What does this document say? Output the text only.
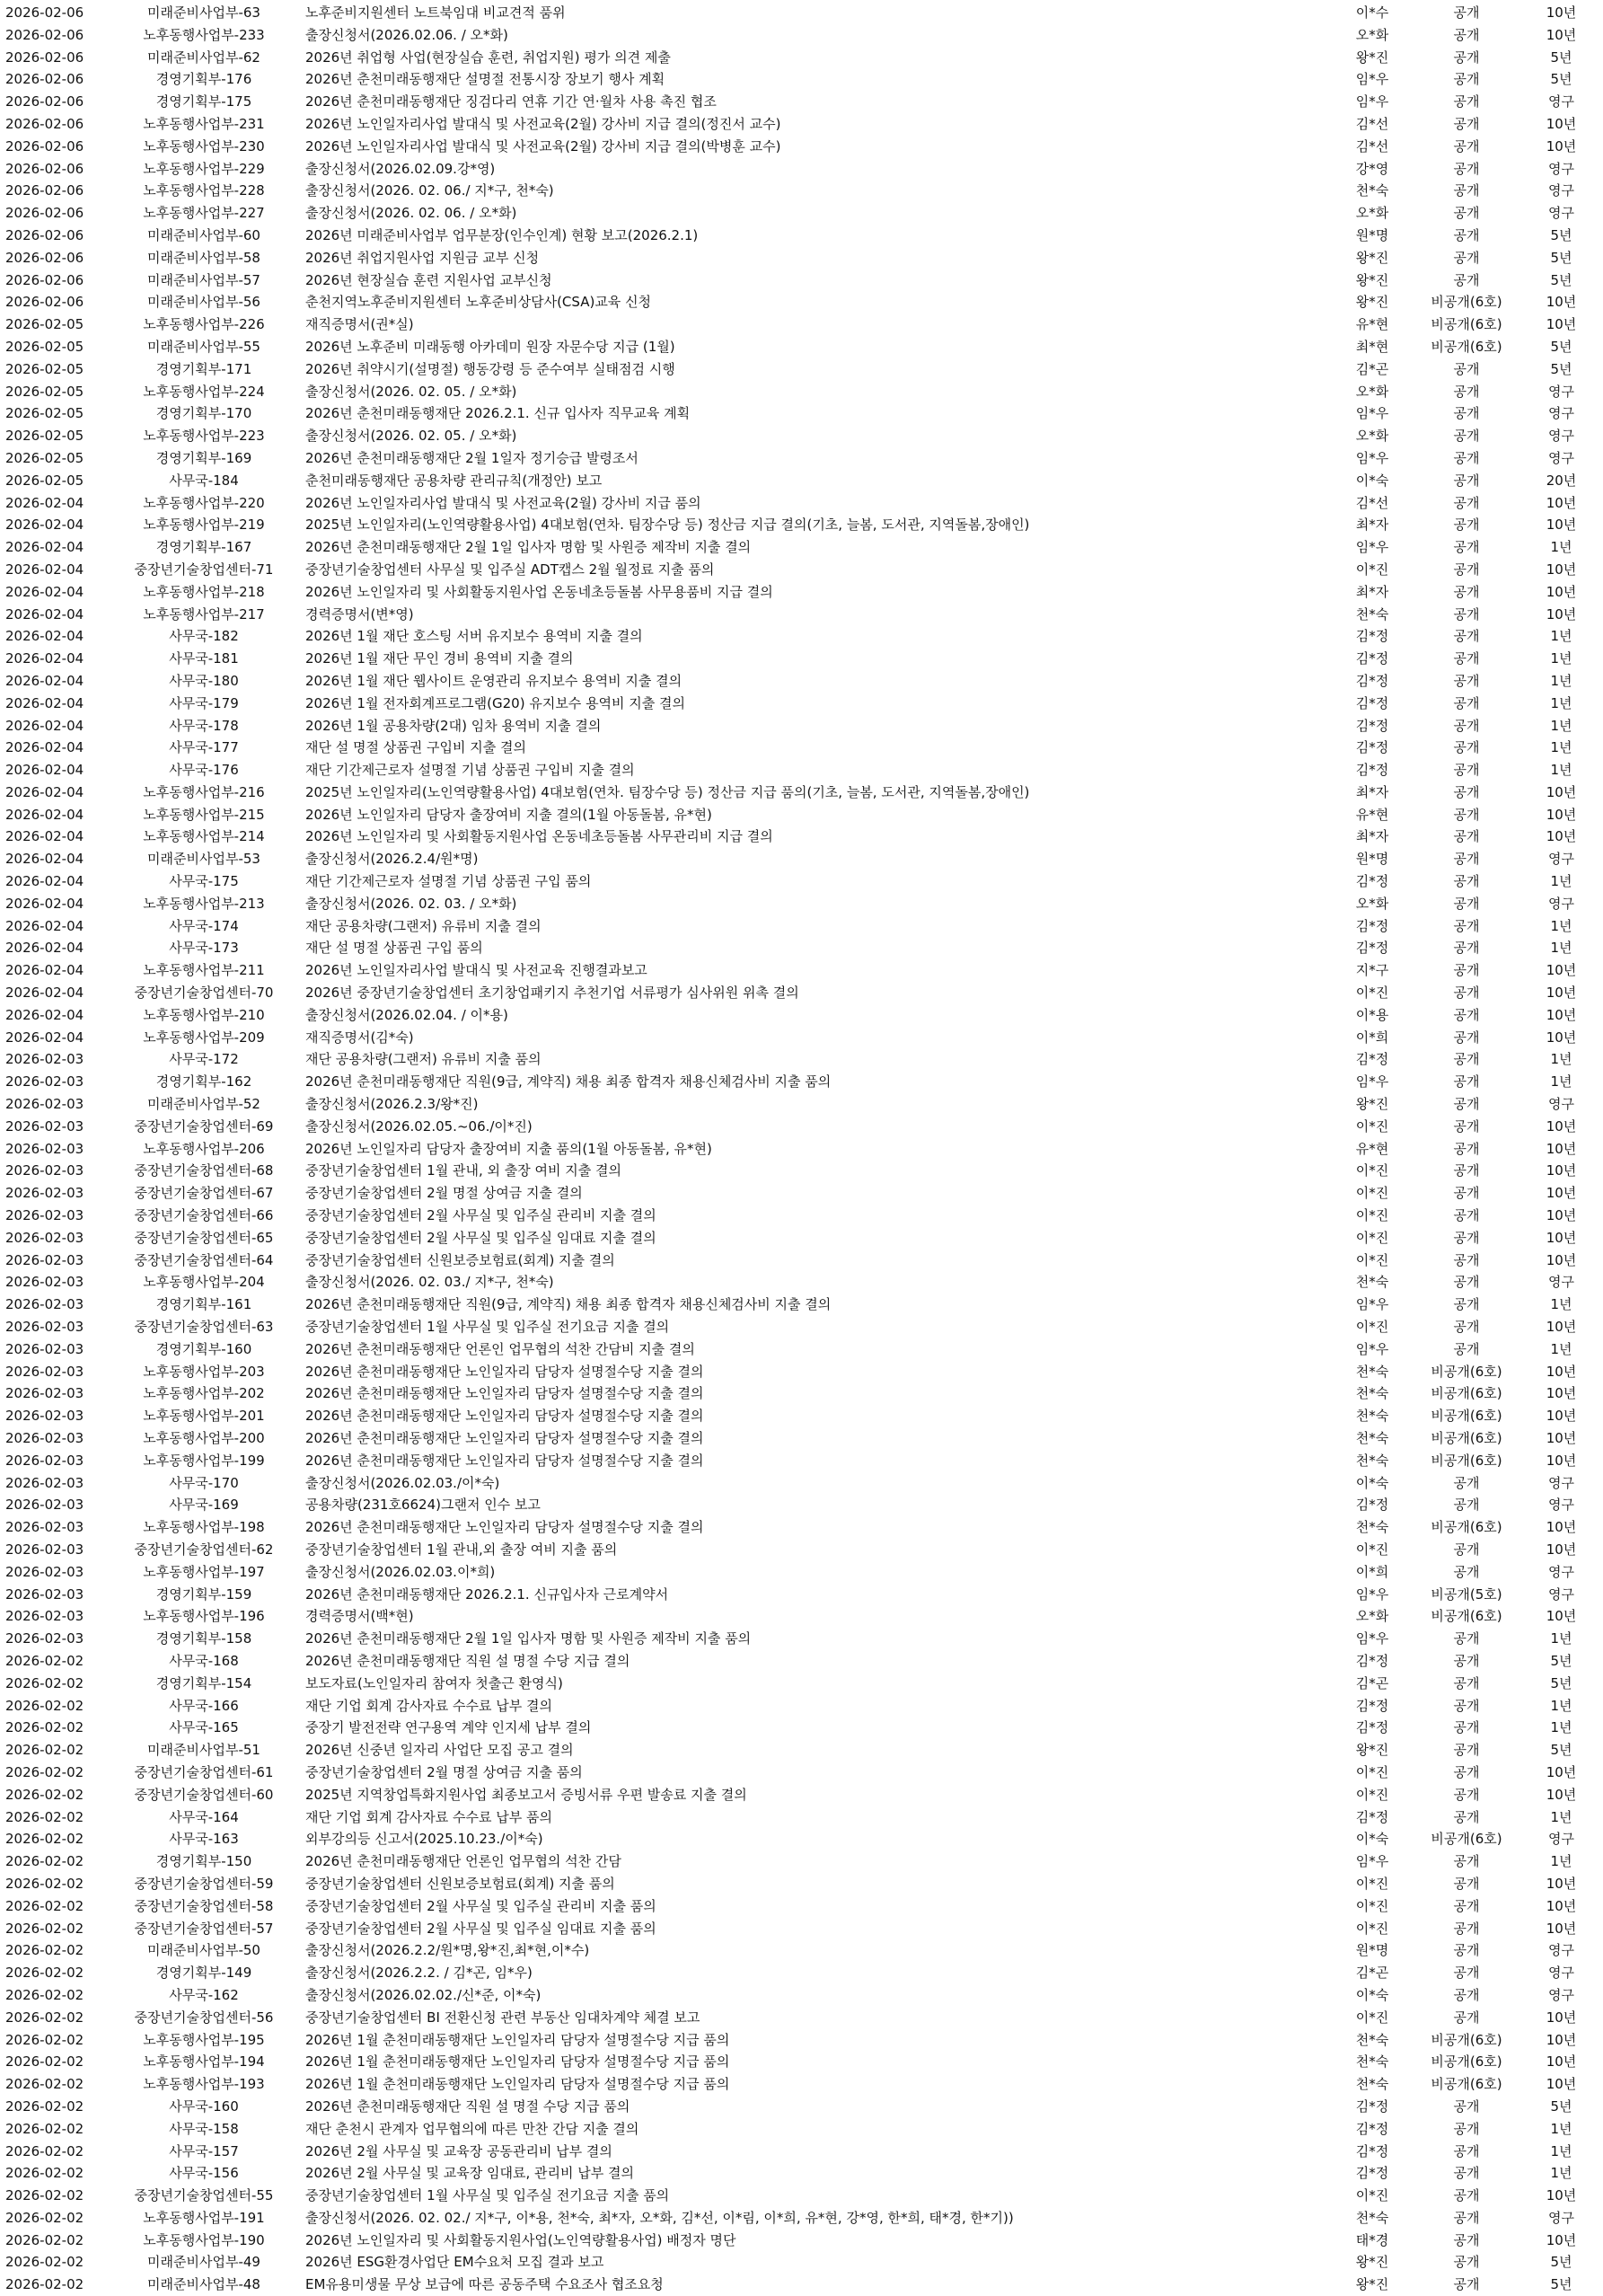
2026-02-06	미래준비사업부-63	노후준비지원센터 노트북임대 비교견적 품위	이*수	공개	10년
2026-02-06	노후동행사업부-233	출장신청서(2026.02.06. / 오*화)	오*화	공개	10년
2026-02-06	미래준비사업부-62	2026년 취업형 사업(현장실습 훈련, 취업지원) 평가 의견 제출	왕*진	공개	5년
2026-02-06	경영기획부-176	2026년 춘천미래동행재단 설명절 전통시장 장보기 행사 계획	임*우	공개	5년
2026-02-06	경영기획부-175	2026년 춘천미래동행재단 징검다리 연휴 기간 연·월차 사용 촉진 협조	임*우	공개	영구
2026-02-06	노후동행사업부-231	2026년 노인일자리사업 발대식 및 사전교육(2월) 강사비 지급 결의(정진서 교수)	김*선	공개	10년
2026-02-06	노후동행사업부-230	2026년 노인일자리사업 발대식 및 사전교육(2월) 강사비 지급 결의(박병훈 교수)	김*선	공개	10년
2026-02-06	노후동행사업부-229	출장신청서(2026.02.09.강*영)	강*영	공개	영구
2026-02-06	노후동행사업부-228	출장신청서(2026. 02. 06./ 지*구, 천*숙)	천*숙	공개	영구
2026-02-06	노후동행사업부-227	출장신청서(2026. 02. 06. / 오*화)	오*화	공개	영구
2026-02-06	미래준비사업부-60	2026년 미래준비사업부 업무분장(인수인계) 현황 보고(2026.2.1)	원*명	공개	5년
2026-02-06	미래준비사업부-58	2026년 취업지원사업 지원금 교부 신청	왕*진	공개	5년
2026-02-06	미래준비사업부-57	2026년 현장실습 훈련 지원사업 교부신청	왕*진	공개	5년
2026-02-06	미래준비사업부-56	춘천지역노후준비지원센터 노후준비상담사(CSA)교육 신청	왕*진	비공개(6호)	10년
2026-02-05	노후동행사업부-226	재직증명서(권*실)	유*현	비공개(6호)	10년
2026-02-05	미래준비사업부-55	2026년 노후준비 미래동행 아카데미 원장 자문수당 지급 (1월)	최*현	비공개(6호)	5년
2026-02-05	경영기획부-171	2026년 취약시기(설명절) 행동강령 등 준수여부 실태점검 시행	김*곤	공개	5년
2026-02-05	노후동행사업부-224	출장신청서(2026. 02. 05. / 오*화)	오*화	공개	영구
2026-02-05	경영기획부-170	2026년 춘천미래동행재단 2026.2.1. 신규 입사자 직무교육 계획	임*우	공개	영구
2026-02-05	노후동행사업부-223	출장신청서(2026. 02. 05. / 오*화)	오*화	공개	영구
2026-02-05	경영기획부-169	2026년 춘천미래동행재단 2월 1일자 정기승급 발령조서	임*우	공개	영구
2026-02-05	사무국-184	춘천미래동행재단 공용차량 관리규칙(개정안) 보고	이*숙	공개	20년
2026-02-04	노후동행사업부-220	2026년 노인일자리사업 발대식 및 사전교육(2월) 강사비 지급 품의	김*선	공개	10년
2026-02-04	노후동행사업부-219	2025년 노인일자리(노인역량활용사업) 4대보험(연차. 팀장수당 등) 정산금 지급 결의(기초, 늘봄, 도서관, 지역돌봄,장애인)	최*자	공개	10년
2026-02-04	경영기획부-167	2026년 춘천미래동행재단 2월 1일 입사자 명함 및 사원증 제작비 지출 결의	임*우	공개	1년
2026-02-04	중장년기술창업센터-71	중장년기술창업센터 사무실 및 입주실 ADT캡스 2월 월정료 지출 품의	이*진	공개	10년
2026-02-04	노후동행사업부-218	2026년 노인일자리 및 사회활동지원사업 온동네초등돌봄 사무용품비 지급 결의	최*자	공개	10년
2026-02-04	노후동행사업부-217	경력증명서(변*영)	천*숙	공개	10년
2026-02-04	사무국-182	2026년 1월 재단 호스팅 서버 유지보수 용역비 지출 결의	김*정	공개	1년
2026-02-04	사무국-181	2026년 1월 재단 무인 경비 용역비 지출 결의	김*정	공개	1년
2026-02-04	사무국-180	2026년 1월 재단 웹사이트 운영관리 유지보수 용역비 지출 결의	김*정	공개	1년
2026-02-04	사무국-179	2026년 1월 전자회계프로그램(G20) 유지보수 용역비 지출 결의	김*정	공개	1년
2026-02-04	사무국-178	2026년 1월 공용차량(2대) 임차 용역비 지출 결의	김*정	공개	1년
2026-02-04	사무국-177	재단 설 명절 상품권 구입비 지출 결의	김*정	공개	1년
2026-02-04	사무국-176	재단 기간제근로자 설명절 기념 상품권 구입비 지출 결의	김*정	공개	1년
2026-02-04	노후동행사업부-216	2025년 노인일자리(노인역량활용사업) 4대보험(연차. 팀장수당 등) 정산금 지급 품의(기초, 늘봄, 도서관, 지역돌봄,장애인)	최*자	공개	10년
2026-02-04	노후동행사업부-215	2026년 노인일자리 담당자 출장여비 지출 결의(1월 아동돌봄, 유*현)	유*현	공개	10년
2026-02-04	노후동행사업부-214	2026년 노인일자리 및 사회활동지원사업 온동네초등돌봄 사무관리비 지급 결의	최*자	공개	10년
2026-02-04	미래준비사업부-53	출장신청서(2026.2.4/원*명)	원*명	공개	영구
2026-02-04	사무국-175	재단 기간제근로자 설명절 기념 상품권 구입 품의	김*정	공개	1년
2026-02-04	노후동행사업부-213	출장신청서(2026. 02. 03. / 오*화)	오*화	공개	영구
2026-02-04	사무국-174	재단 공용차량(그랜저) 유류비 지출 결의	김*정	공개	1년
2026-02-04	사무국-173	재단 설 명절 상품권 구입 품의	김*정	공개	1년
2026-02-04	노후동행사업부-211	2026년 노인일자리사업 발대식 및 사전교육 진행결과보고	지*구	공개	10년
2026-02-04	중장년기술창업센터-70	2026년 중장년기술창업센터 초기창업패키지 추천기업 서류평가 심사위원 위촉 결의	이*진	공개	10년
2026-02-04	노후동행사업부-210	출장신청서(2026.02.04. / 이*용)	이*용	공개	10년
2026-02-04	노후동행사업부-209	재직증명서(김*숙)	이*희	공개	10년
2026-02-03	사무국-172	재단 공용차량(그랜저) 유류비 지출 품의	김*정	공개	1년
2026-02-03	경영기획부-162	2026년 춘천미래동행재단 직원(9급, 계약직) 채용 최종 합격자 채용신체검사비 지출 품의	임*우	공개	1년
2026-02-03	미래준비사업부-52	출장신청서(2026.2.3/왕*진)	왕*진	공개	영구
2026-02-03	중장년기술창업센터-69	출장신청서(2026.02.05.~06./이*진)	이*진	공개	10년
2026-02-03	노후동행사업부-206	2026년 노인일자리 담당자 출장여비 지출 품의(1월 아동돌봄, 유*현)	유*현	공개	10년
2026-02-03	중장년기술창업센터-68	중장년기술창업센터 1월 관내, 외 출장 여비 지출 결의	이*진	공개	10년
2026-02-03	중장년기술창업센터-67	중장년기술창업센터 2월 명절 상여금 지출 결의	이*진	공개	10년
2026-02-03	중장년기술창업센터-66	중장년기술창업센터 2월 사무실 및 입주실 관리비 지출 결의	이*진	공개	10년
2026-02-03	중장년기술창업센터-65	중장년기술창업센터 2월 사무실 및 입주실 임대료 지출 결의	이*진	공개	10년
2026-02-03	중장년기술창업센터-64	중장년기술창업센터 신원보증보험료(회계) 지출 결의	이*진	공개	10년
2026-02-03	노후동행사업부-204	출장신청서(2026. 02. 03./ 지*구, 천*숙)	천*숙	공개	영구
2026-02-03	경영기획부-161	2026년 춘천미래동행재단 직원(9급, 계약직) 채용 최종 합격자 채용신체검사비 지출 결의	임*우	공개	1년
2026-02-03	중장년기술창업센터-63	중장년기술창업센터 1월 사무실 및 입주실 전기요금 지출 결의	이*진	공개	10년
2026-02-03	경영기획부-160	2026년 춘천미래동행재단 언론인 업무협의 석찬 간담비 지출 결의	임*우	공개	1년
2026-02-03	노후동행사업부-203	2026년 춘천미래동행재단 노인일자리 담당자 설명절수당 지출 결의	천*숙	비공개(6호)	10년
2026-02-03	노후동행사업부-202	2026년 춘천미래동행재단 노인일자리 담당자 설명절수당 지출 결의	천*숙	비공개(6호)	10년
2026-02-03	노후동행사업부-201	2026년 춘천미래동행재단 노인일자리 담당자 설명절수당 지출 결의	천*숙	비공개(6호)	10년
2026-02-03	노후동행사업부-200	2026년 춘천미래동행재단 노인일자리 담당자 설명절수당 지출 결의	천*숙	비공개(6호)	10년
2026-02-03	노후동행사업부-199	2026년 춘천미래동행재단 노인일자리 담당자 설명절수당 지출 결의	천*숙	비공개(6호)	10년
2026-02-03	사무국-170	출장신청서(2026.02.03./이*숙)	이*숙	공개	영구
2026-02-03	사무국-169	공용차량(231호6624)그랜저 인수 보고	김*정	공개	영구
2026-02-03	노후동행사업부-198	2026년 춘천미래동행재단 노인일자리 담당자 설명절수당 지출 결의	천*숙	비공개(6호)	10년
2026-02-03	중장년기술창업센터-62	중장년기술창업센터 1월 관내,외 출장 여비 지출 품의	이*진	공개	10년
2026-02-03	노후동행사업부-197	출장신청서(2026.02.03.이*희)	이*희	공개	영구
2026-02-03	경영기획부-159	2026년 춘천미래동행재단 2026.2.1. 신규입사자 근로계약서	임*우	비공개(5호)	영구
2026-02-03	노후동행사업부-196	경력증명서(백*현)	오*화	비공개(6호)	10년
2026-02-03	경영기획부-158	2026년 춘천미래동행재단 2월 1일 입사자 명함 및 사원증 제작비 지출 품의	임*우	공개	1년
2026-02-02	사무국-168	2026년 춘천미래동행재단 직원 설 명절 수당 지급 결의	김*정	공개	5년
2026-02-02	경영기획부-154	보도자료(노인일자리 참여자 첫출근 환영식)	김*곤	공개	5년
2026-02-02	사무국-166	재단 기업 회계 감사자료 수수료 납부 결의	김*정	공개	1년
2026-02-02	사무국-165	중장기 발전전략 연구용역 계약 인지세 납부 결의	김*정	공개	1년
2026-02-02	미래준비사업부-51	2026년 신중년 일자리 사업단 모집 공고 결의	왕*진	공개	5년
2026-02-02	중장년기술창업센터-61	중장년기술창업센터 2월 명절 상여금 지출 품의	이*진	공개	10년
2026-02-02	중장년기술창업센터-60	2025년 지역창업특화지원사업 최종보고서 증빙서류 우편 발송료 지출 결의	이*진	공개	10년
2026-02-02	사무국-164	재단 기업 회계 감사자료 수수료 납부 품의	김*정	공개	1년
2026-02-02	사무국-163	외부강의등 신고서(2025.10.23./이*숙)	이*숙	비공개(6호)	영구
2026-02-02	경영기획부-150	2026년 춘천미래동행재단 언론인 업무협의 석찬 간담	임*우	공개	1년
2026-02-02	중장년기술창업센터-59	중장년기술창업센터 신원보증보험료(회계) 지출 품의	이*진	공개	10년
2026-02-02	중장년기술창업센터-58	중장년기술창업센터 2월 사무실 및 입주실 관리비 지출 품의	이*진	공개	10년
2026-02-02	중장년기술창업센터-57	중장년기술창업센터 2월 사무실 및 입주실 임대료 지출 품의	이*진	공개	10년
2026-02-02	미래준비사업부-50	출장신청서(2026.2.2/원*명,왕*진,최*현,이*수)	원*명	공개	영구
2026-02-02	경영기획부-149	출장신청서(2026.2.2. / 김*곤, 임*우)	김*곤	공개	영구
2026-02-02	사무국-162	출장신청서(2026.02.02./신*준, 이*숙)	이*숙	공개	영구
2026-02-02	중장년기술창업센터-56	중장년기술창업센터 BI 전환신청 관련 부동산 임대차계약 체결 보고	이*진	공개	10년
2026-02-02	노후동행사업부-195	2026년 1월 춘천미래동행재단 노인일자리 담당자 설명절수당 지급 품의	천*숙	비공개(6호)	10년
2026-02-02	노후동행사업부-194	2026년 1월 춘천미래동행재단 노인일자리 담당자 설명절수당 지급 품의	천*숙	비공개(6호)	10년
2026-02-02	노후동행사업부-193	2026년 1월 춘천미래동행재단 노인일자리 담당자 설명절수당 지급 품의	천*숙	비공개(6호)	10년
2026-02-02	사무국-160	2026년 춘천미래동행재단 직원 설 명절 수당 지급 품의	김*정	공개	5년
2026-02-02	사무국-158	재단 춘천시 관계자 업무협의에 따른 만찬 간담 지출 결의	김*정	공개	1년
2026-02-02	사무국-157	2026년 2월 사무실 및 교육장 공동관리비 납부 결의	김*정	공개	1년
2026-02-02	사무국-156	2026년 2월 사무실 및 교육장 임대료, 관리비 납부 결의	김*정	공개	1년
2026-02-02	중장년기술창업센터-55	중장년기술창업센터 1월 사무실 및 입주실 전기요금 지출 품의	이*진	공개	10년
2026-02-02	노후동행사업부-191	출장신청서(2026. 02. 02./ 지*구, 이*용, 천*숙, 최*자, 오*화, 김*선, 이*림, 이*희, 유*현, 강*영, 한*희, 태*경, 한*기))	천*숙	공개	영구
2026-02-02	노후동행사업부-190	2026년 노인일자리 및 사회활동지원사업(노인역량활용사업) 배정자 명단	태*경	공개	10년
2026-02-02	미래준비사업부-49	2026년 ESG환경사업단 EM수요처 모집 결과 보고	왕*진	공개	5년
2026-02-02	미래준비사업부-48	EM유용미생물 무상 보급에 따른 공동주택 수요조사 협조요청	왕*진	공개	5년
